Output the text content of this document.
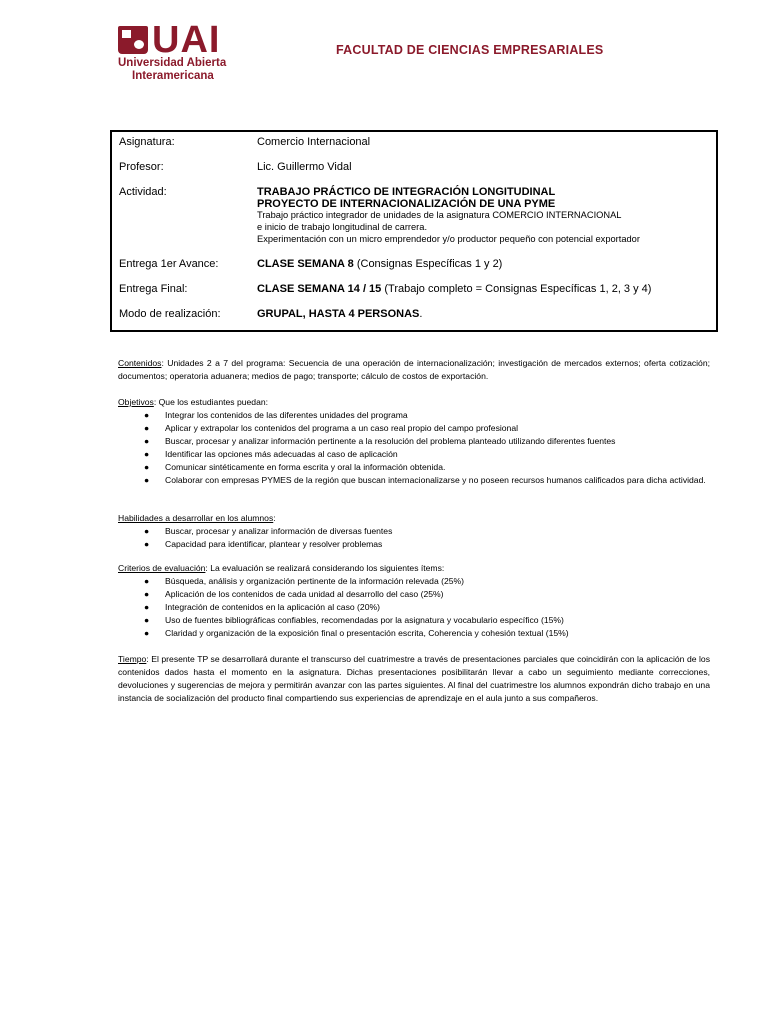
UAI
Universidad Abierta
Interamericana
FACULTAD DE CIENCIAS EMPRESARIALES
Asignatura:	Comercio Internacional
Profesor:	Lic. Guillermo Vidal
Actividad:	TRABAJO PRÁCTICO DE INTEGRACIÓN LONGITUDINAL
PROYECTO DE INTERNACIONALIZACIÓN DE UNA PYME
Trabajo práctico integrador de unidades de la asignatura COMERCIO INTERNACIONAL
e inicio de trabajo longitudinal de carrera.
Experimentación con un micro emprendedor y/o productor pequeño con potencial exportador
Entrega 1er Avance:	CLASE SEMANA 8 (Consignas Específicas 1 y 2)
Entrega Final:	CLASE SEMANA 14 / 15 (Trabajo completo = Consignas Específicas 1, 2, 3 y 4)
Modo de realización:	GRUPAL, HASTA 4 PERSONAS.

Contenidos: Unidades 2 a 7 del programa: Secuencia de una operación de internacionalización; investigación de mercados externos; oferta cotización; documentos; operatoria aduanera; medios de pago; transporte; cálculo de costos de exportación.

Objetivos: Que los estudiantes puedan:

● Integrar los contenidos de las diferentes unidades del programa
● Aplicar y extrapolar los contenidos del programa a un caso real propio del campo profesional
● Buscar, procesar y analizar información pertinente a la resolución del problema planteado utilizando diferentes fuentes
● Identificar las opciones más adecuadas al caso de aplicación
● Comunicar sintéticamente en forma escrita y oral la información obtenida.
● Colaborar con empresas PYMES de la región que buscan internacionalizarse y no poseen recursos humanos calificados para dicha actividad.

Habilidades a desarrollar en los alumnos:

● Buscar, procesar y analizar información de diversas fuentes
● Capacidad para identificar, plantear y resolver problemas

Criterios de evaluación: La evaluación se realizará considerando los siguientes ítems:

● Búsqueda, análisis y organización pertinente de la información relevada (25%)
● Aplicación de los contenidos de cada unidad al desarrollo del caso (25%)
● Integración de contenidos en la aplicación al caso (20%)
● Uso de fuentes bibliográficas confiables, recomendadas por la asignatura y vocabulario específico (15%)
● Claridad y organización de la exposición final o presentación escrita, Coherencia y cohesión textual (15%)

Tiempo: El presente TP se desarrollará durante el transcurso del cuatrimestre a través de presentaciones parciales que coincidirán con la aplicación de los contenidos dados hasta el momento en la asignatura. Dichas presentaciones posibilitarán llevar a cabo un seguimiento mediante correcciones, devoluciones y sugerencias de mejora y permitirán avanzar con las partes siguientes. Al final del cuatrimestre los alumnos expondrán dicho trabajo en una instancia de socialización del producto final compartiendo sus experiencias de aprendizaje en el aula junto a sus compañeros.
